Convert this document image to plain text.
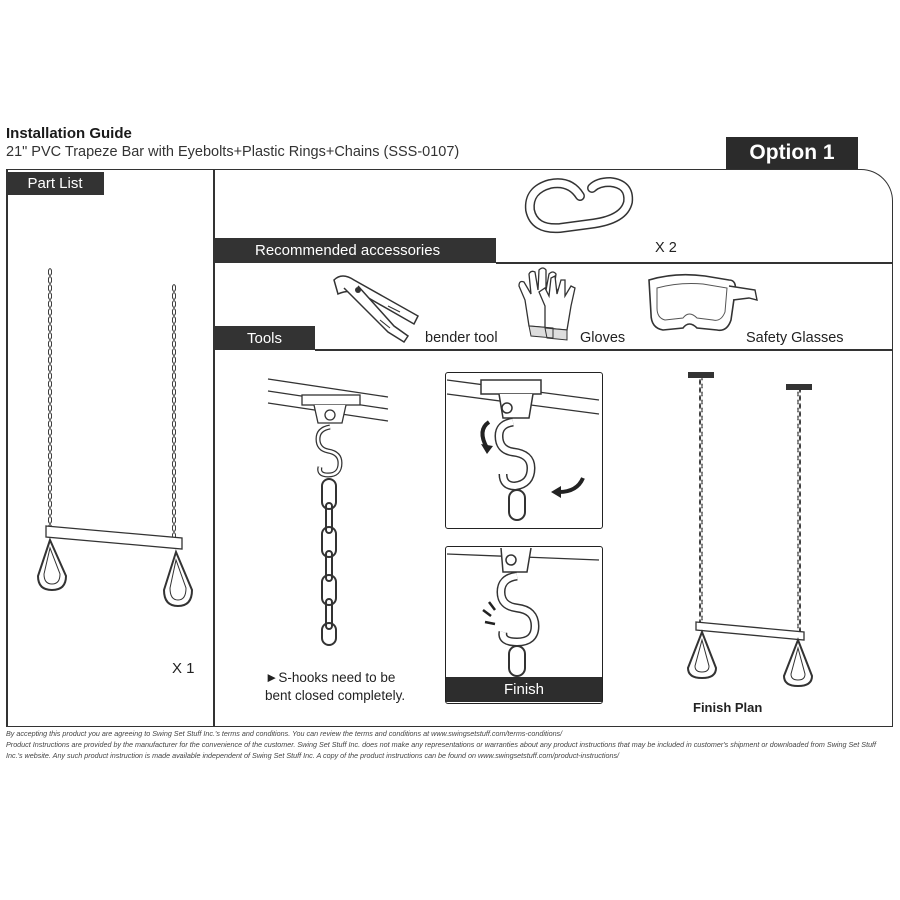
Installation Guide
21" PVC Trapeze Bar with Eyebolts+Plastic Rings+Chains (SSS-0107)	Option 1
Part List
X 1
Recommended accessories	X 2
Tools	bender tool	Gloves	Safety Glasses
►S-hooks need to be
bent closed completely.	Finish
Finish Plan
By accepting this product you are agreeing to Swing Set Stuff Inc.'s terms and conditions. You can review the terms and conditions at www.swingsetstuff.com/terms-conditions/
Product Instructions are provided by the manufacturer for the convenience of the customer. Swing Set Stuff Inc. does not make any representations or warranties about any product instructions that may be included in customer's shipment or downloaded from Swing Set Stuff Inc.'s website. Any such product instruction is made available independent of Swing Set Stuff Inc. A copy of the product instructions can be found on www.swingsetstuff.com/product-instructions/
